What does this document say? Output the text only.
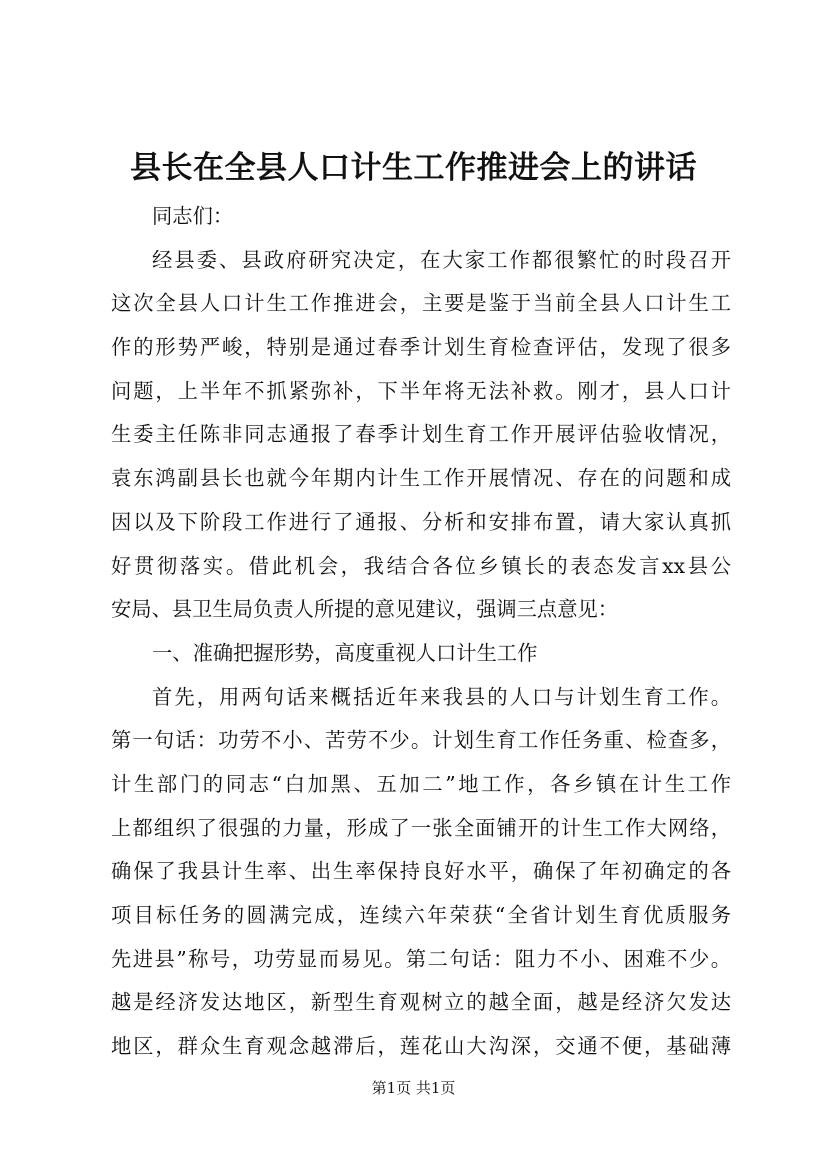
县长在全县人口计生工作推进会上的讲话
同志们：
经县委、县政府研究决定，在大家工作都很繁忙的时段召开
这次全县人口计生工作推进会，主要是鉴于当前全县人口计生工
作的形势严峻，特别是通过春季计划生育检查评估，发现了很多
问题，上半年不抓紧弥补，下半年将无法补救。刚才，县人口计
生委主任陈非同志通报了春季计划生育工作开展评估验收情况，
袁东鸿副县长也就今年期内计生工作开展情况、存在的问题和成
因以及下阶段工作进行了通报、分析和安排布置，请大家认真抓
好贯彻落实。借此机会，我结合各位乡镇长的表态发言xx县公
安局、县卫生局负责人所提的意见建议，强调三点意见：
一、准确把握形势，高度重视人口计生工作
首先，用两句话来概括近年来我县的人口与计划生育工作。
第一句话：功劳不小、苦劳不少。计划生育工作任务重、检查多，
计生部门的同志“白加黑、五加二”地工作，各乡镇在计生工作
上都组织了很强的力量，形成了一张全面铺开的计生工作大网络，
确保了我县计生率、出生率保持良好水平，确保了年初确定的各
项目标任务的圆满完成，连续六年荣获“全省计划生育优质服务
先进县”称号，功劳显而易见。第二句话：阻力不小、困难不少。
越是经济发达地区，新型生育观树立的越全面，越是经济欠发达
地区，群众生育观念越滞后，莲花山大沟深，交通不便，基础薄
第1页 共1页
